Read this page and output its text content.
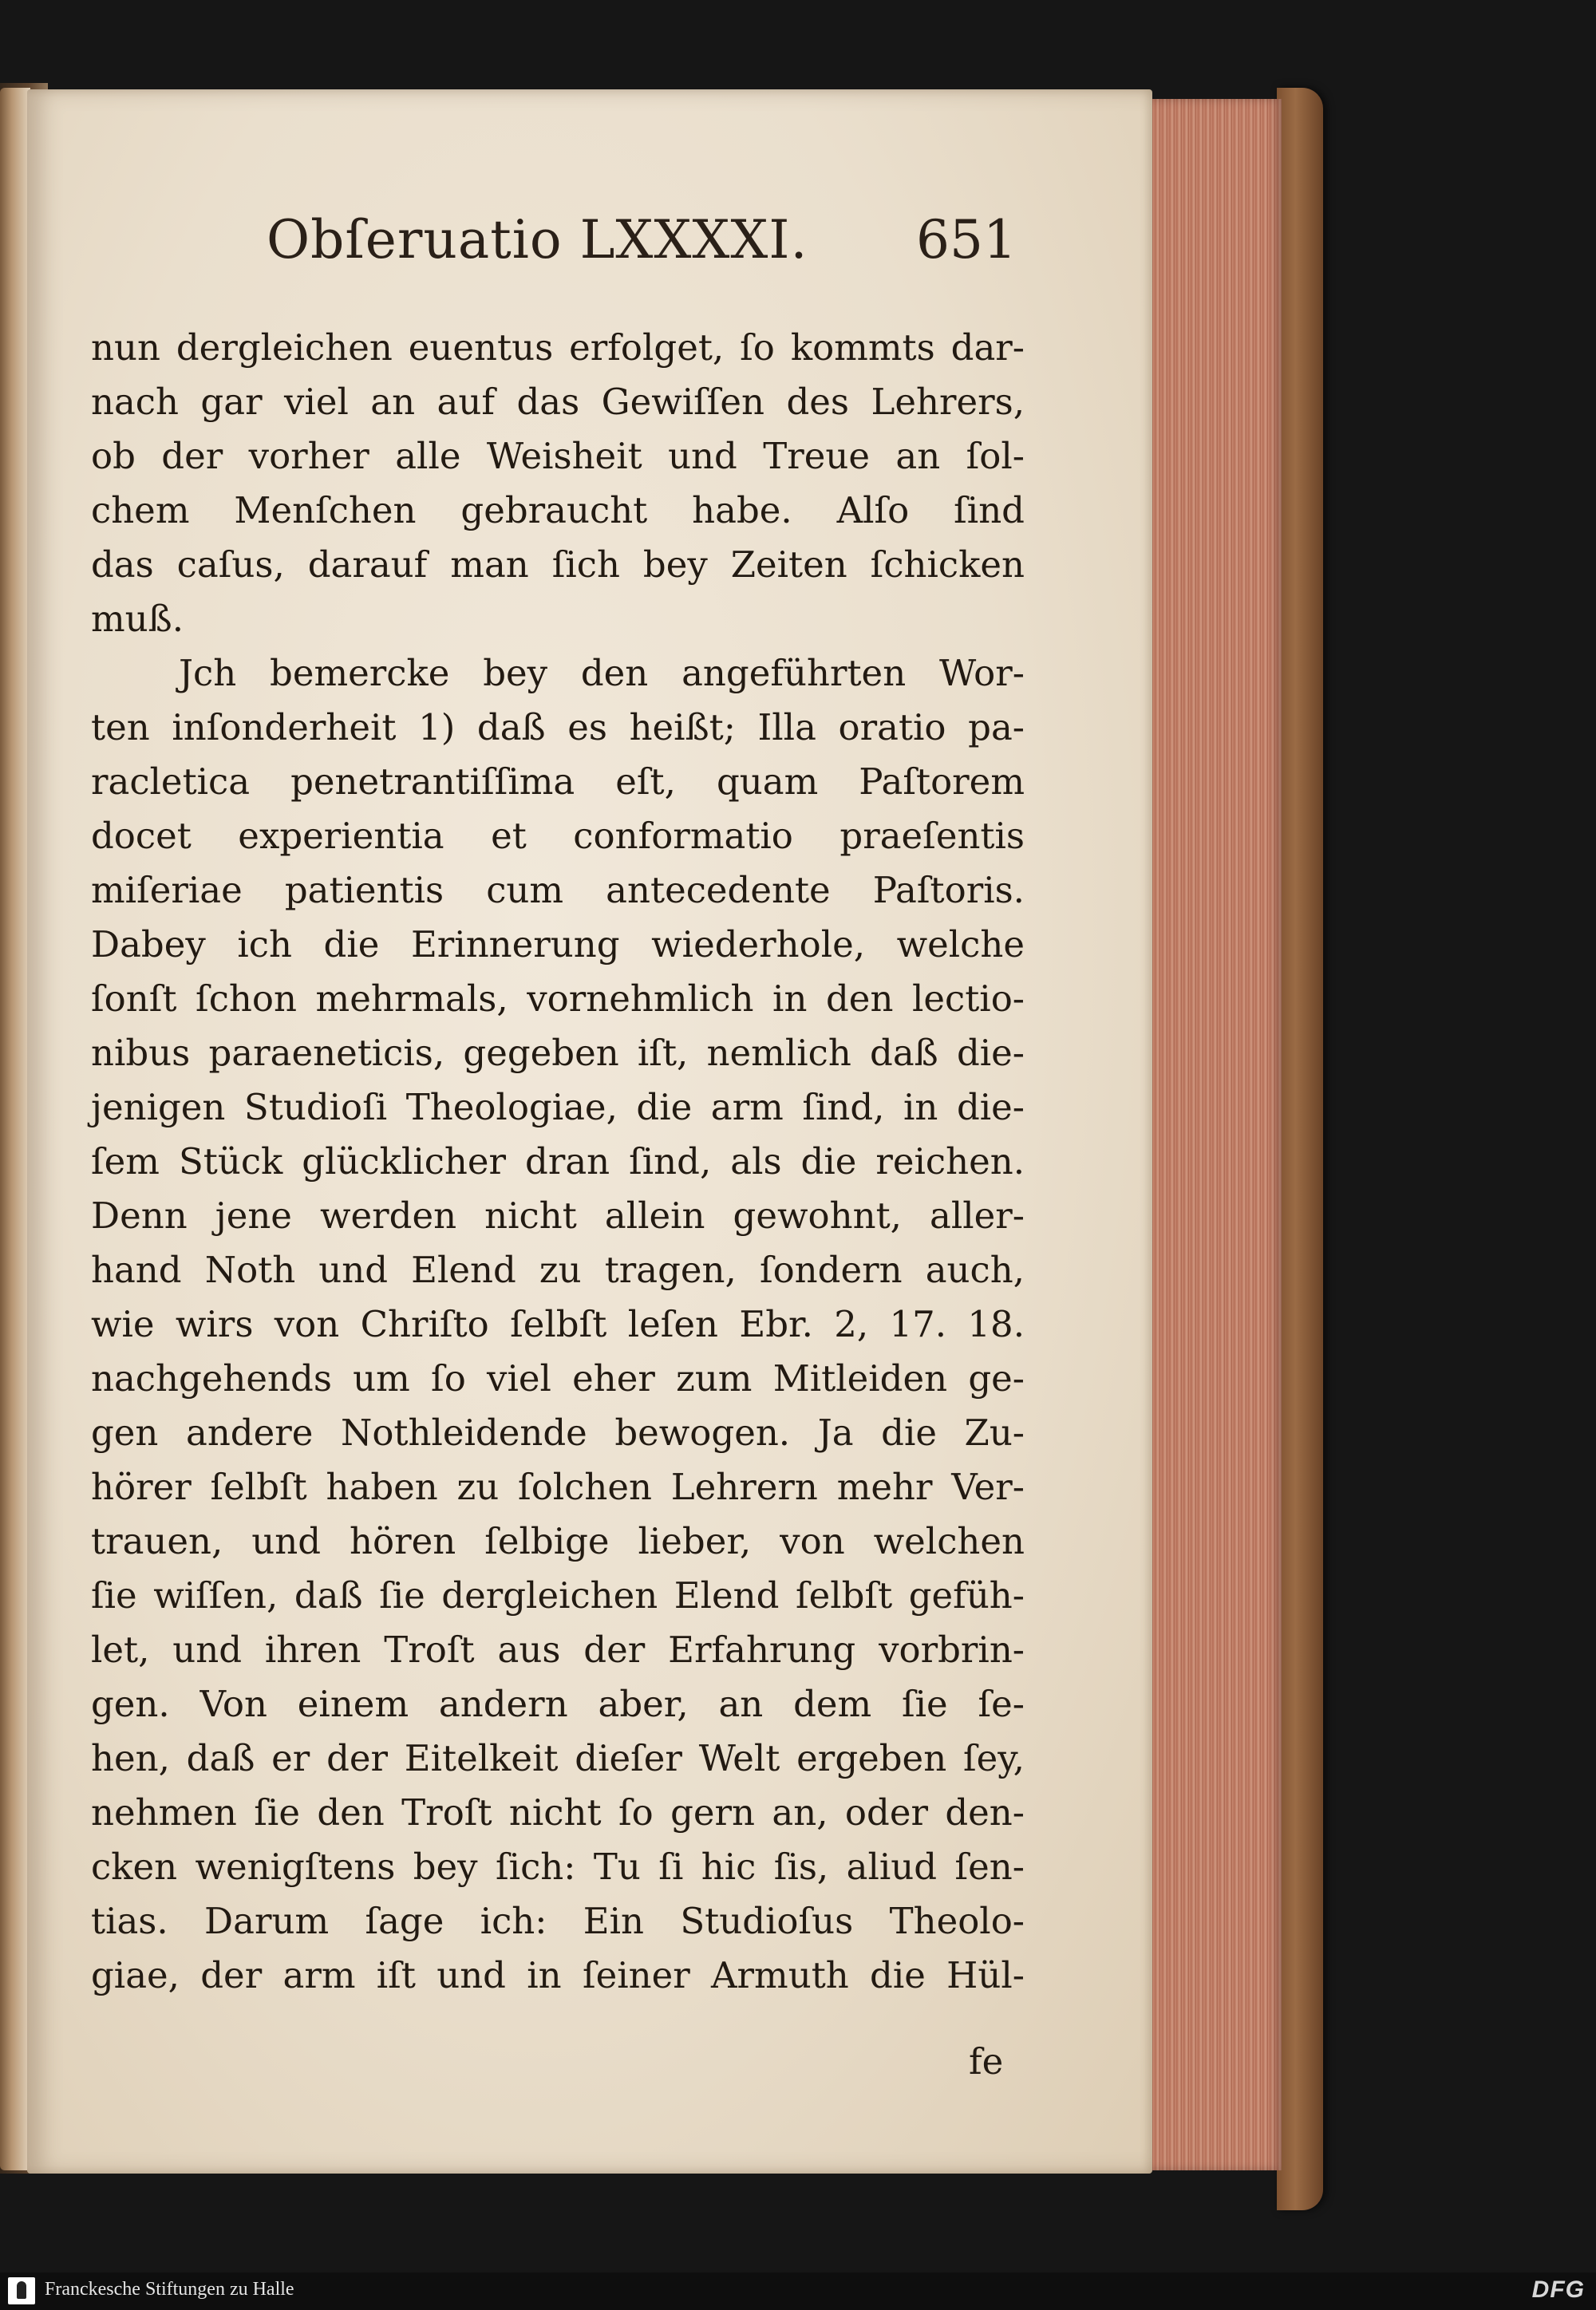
Obſeruatio LXXXXI. 651
nun dergleichen euentus erfolget, ſo kommts dar-
nach gar viel an auf das Gewiſſen des Lehrers,
ob der vorher alle Weisheit und Treue an ſol-
chem Menſchen gebraucht habe. Alſo ſind
das caſus, darauf man ſich bey Zeiten ſchicken
muß.
Jch bemercke bey den angeführten Wor-
ten inſonderheit 1) daß es heißt; Illa oratio pa-
racletica penetrantiſſima eſt, quam Paſtorem
docet experientia et conformatio praeſentis
miſeriae patientis cum antecedente Paſtoris.
Dabey ich die Erinnerung wiederhole, welche
ſonſt ſchon mehrmals, vornehmlich in den lectio-
nibus paraeneticis, gegeben iſt, nemlich daß die-
jenigen Studioſi Theologiae, die arm ſind, in die-
ſem Stück glücklicher dran ſind, als die reichen.
Denn jene werden nicht allein gewohnt, aller-
hand Noth und Elend zu tragen, ſondern auch,
wie wirs von Chriſto ſelbſt leſen Ebr. 2, 17. 18.
nachgehends um ſo viel eher zum Mitleiden ge-
gen andere Nothleidende bewogen. Ja die Zu-
hörer ſelbſt haben zu ſolchen Lehrern mehr Ver-
trauen, und hören ſelbige lieber, von welchen
ſie wiſſen, daß ſie dergleichen Elend ſelbſt gefüh-
let, und ihren Troſt aus der Erfahrung vorbrin-
gen. Von einem andern aber, an dem ſie ſe-
hen, daß er der Eitelkeit dieſer Welt ergeben ſey,
nehmen ſie den Troſt nicht ſo gern an, oder den-
cken wenigſtens bey ſich: Tu ſi hic ſis, aliud ſen-
tias. Darum ſage ich: Ein Studioſus Theolo-
giae, der arm iſt und in ſeiner Armuth die Hül-
fe
Franckesche Stiftungen zu Halle	DFG
